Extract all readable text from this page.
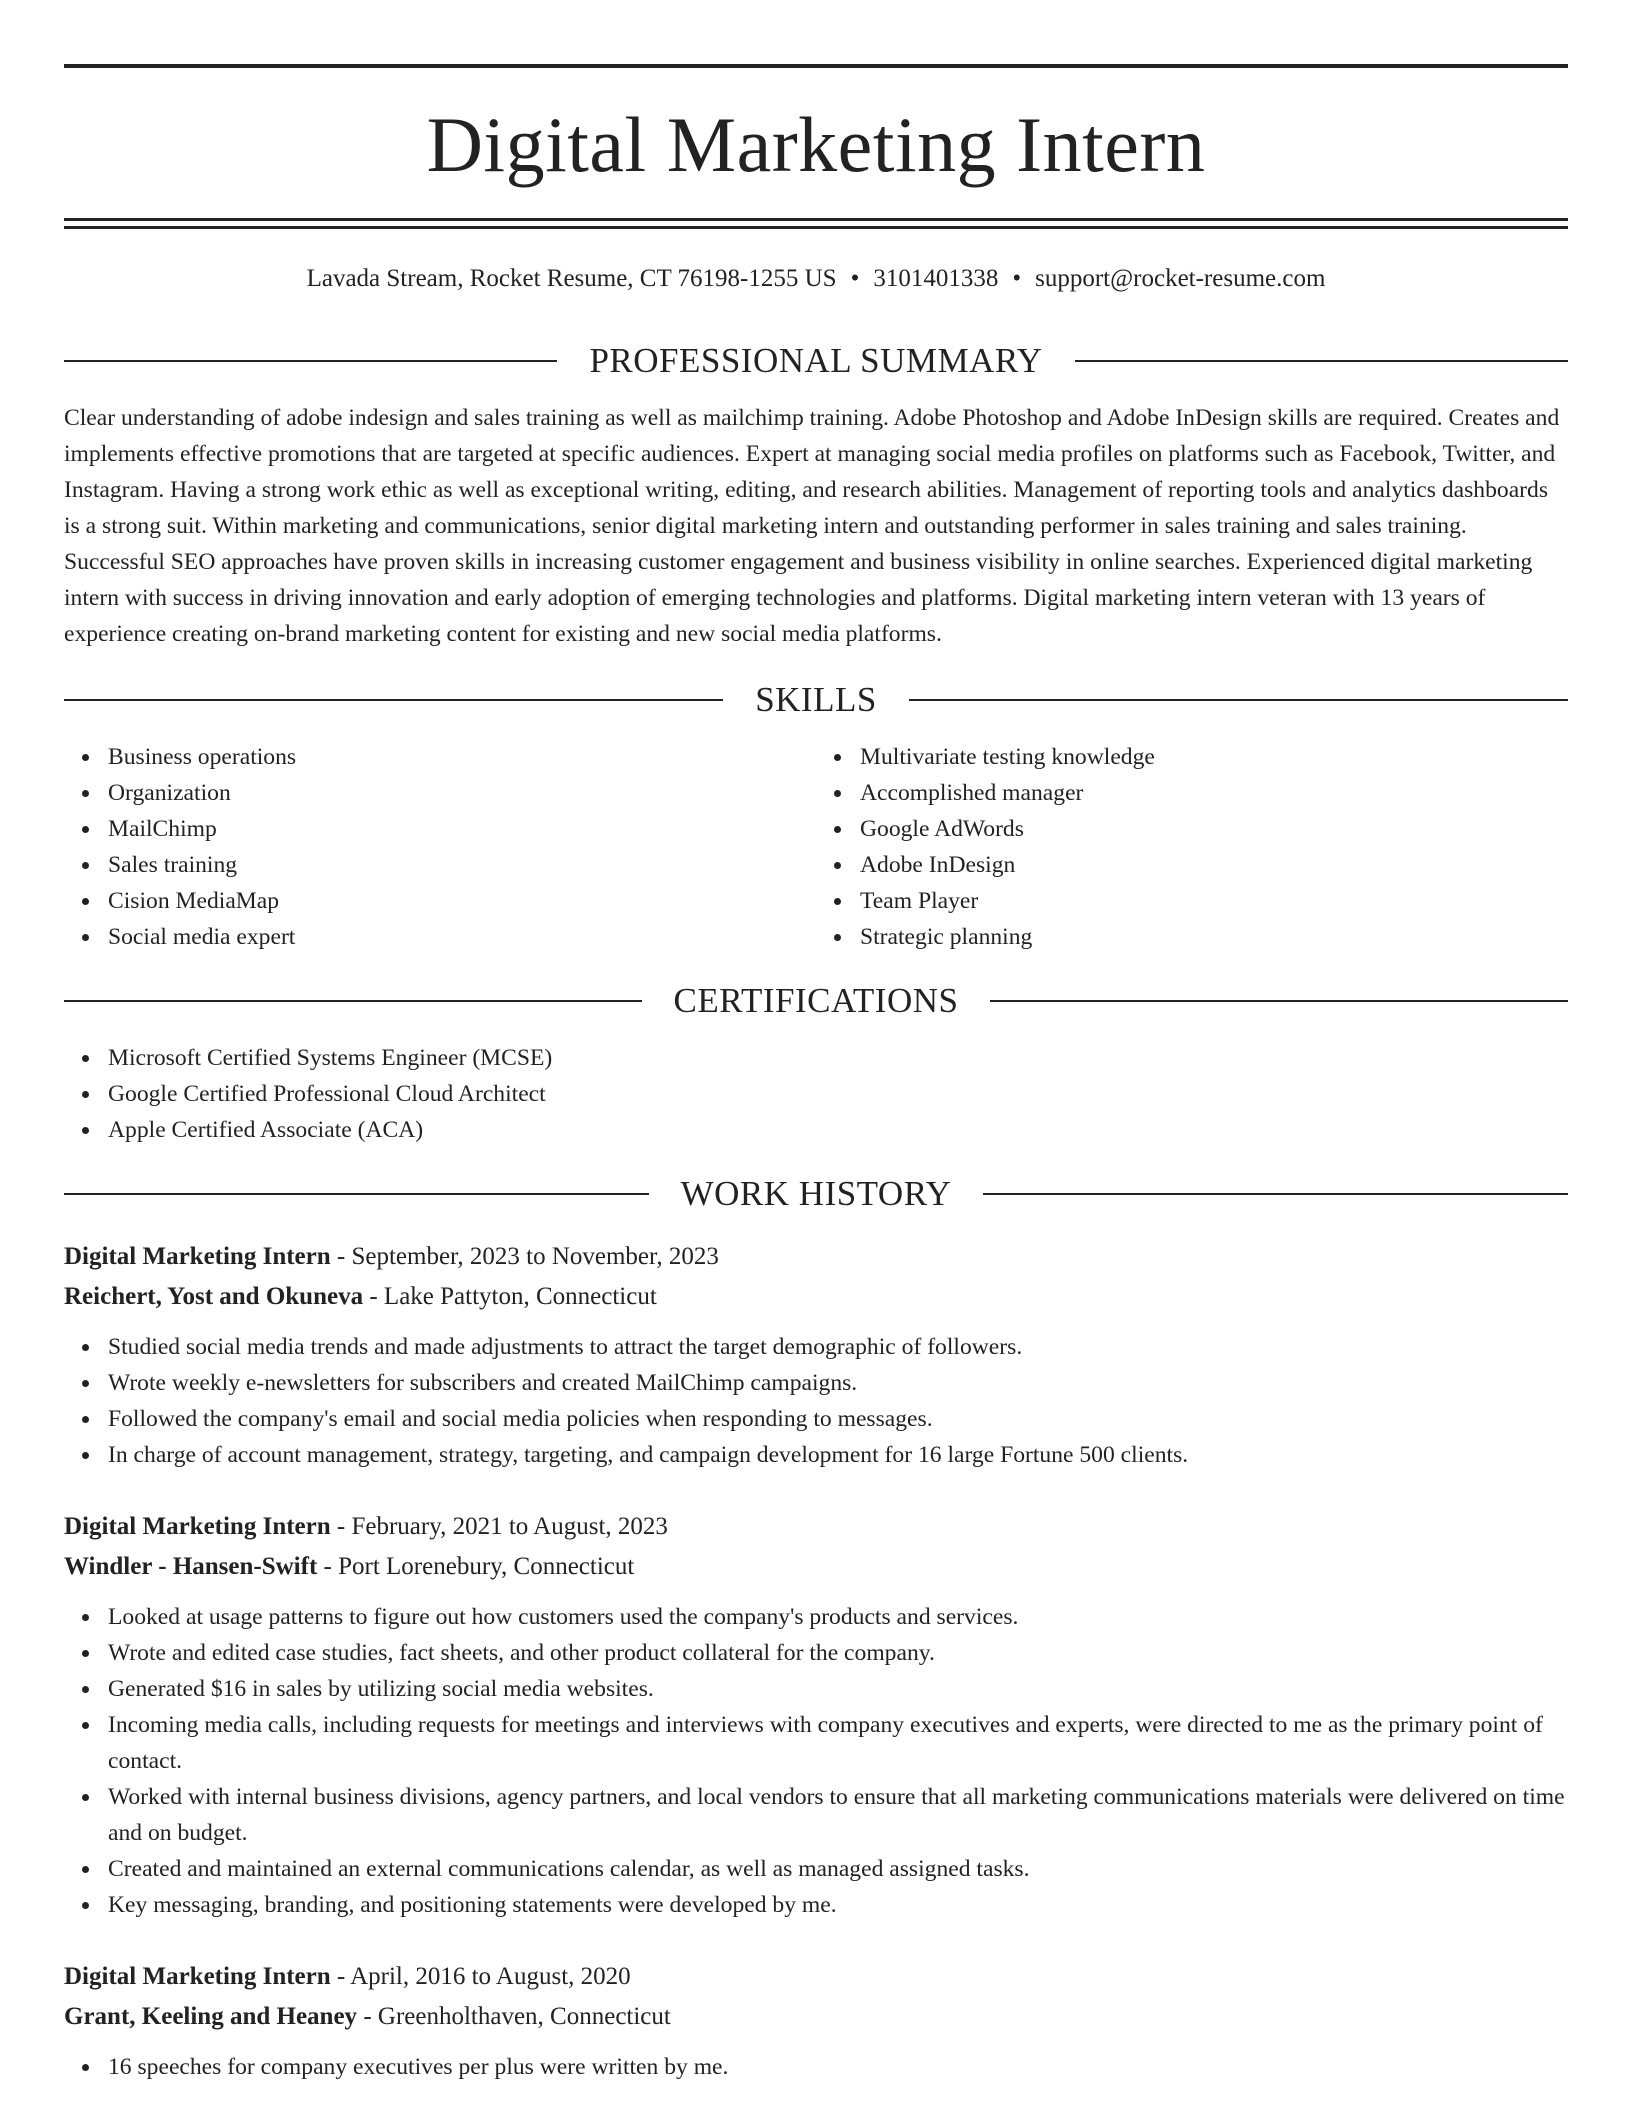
Digital Marketing Intern
Lavada Stream, Rocket Resume, CT 76198-1255 US • 3101401338 • support@rocket-resume.com
PROFESSIONAL SUMMARY
Clear understanding of adobe indesign and sales training as well as mailchimp training. Adobe Photoshop and Adobe InDesign skills are required. Creates and implements effective promotions that are targeted at specific audiences. Expert at managing social media profiles on platforms such as Facebook, Twitter, and Instagram. Having a strong work ethic as well as exceptional writing, editing, and research abilities. Management of reporting tools and analytics dashboards is a strong suit. Within marketing and communications, senior digital marketing intern and outstanding performer in sales training and sales training. Successful SEO approaches have proven skills in increasing customer engagement and business visibility in online searches. Experienced digital marketing intern with success in driving innovation and early adoption of emerging technologies and platforms. Digital marketing intern veteran with 13 years of experience creating on-brand marketing content for existing and new social media platforms.
SKILLS
Business operations
Organization
MailChimp
Sales training
Cision MediaMap
Social media expert
Multivariate testing knowledge
Accomplished manager
Google AdWords
Adobe InDesign
Team Player
Strategic planning
CERTIFICATIONS
Microsoft Certified Systems Engineer (MCSE)
Google Certified Professional Cloud Architect
Apple Certified Associate (ACA)
WORK HISTORY
Digital Marketing Intern - September, 2023 to November, 2023
Reichert, Yost and Okuneva - Lake Pattyton, Connecticut
Studied social media trends and made adjustments to attract the target demographic of followers.
Wrote weekly e-newsletters for subscribers and created MailChimp campaigns.
Followed the company's email and social media policies when responding to messages.
In charge of account management, strategy, targeting, and campaign development for 16 large Fortune 500 clients.
Digital Marketing Intern - February, 2021 to August, 2023
Windler - Hansen-Swift - Port Lorenebury, Connecticut
Looked at usage patterns to figure out how customers used the company's products and services.
Wrote and edited case studies, fact sheets, and other product collateral for the company.
Generated $16 in sales by utilizing social media websites.
Incoming media calls, including requests for meetings and interviews with company executives and experts, were directed to me as the primary point of contact.
Worked with internal business divisions, agency partners, and local vendors to ensure that all marketing communications materials were delivered on time and on budget.
Created and maintained an external communications calendar, as well as managed assigned tasks.
Key messaging, branding, and positioning statements were developed by me.
Digital Marketing Intern - April, 2016 to August, 2020
Grant, Keeling and Heaney - Greenholthaven, Connecticut
16 speeches for company executives per plus were written by me.
